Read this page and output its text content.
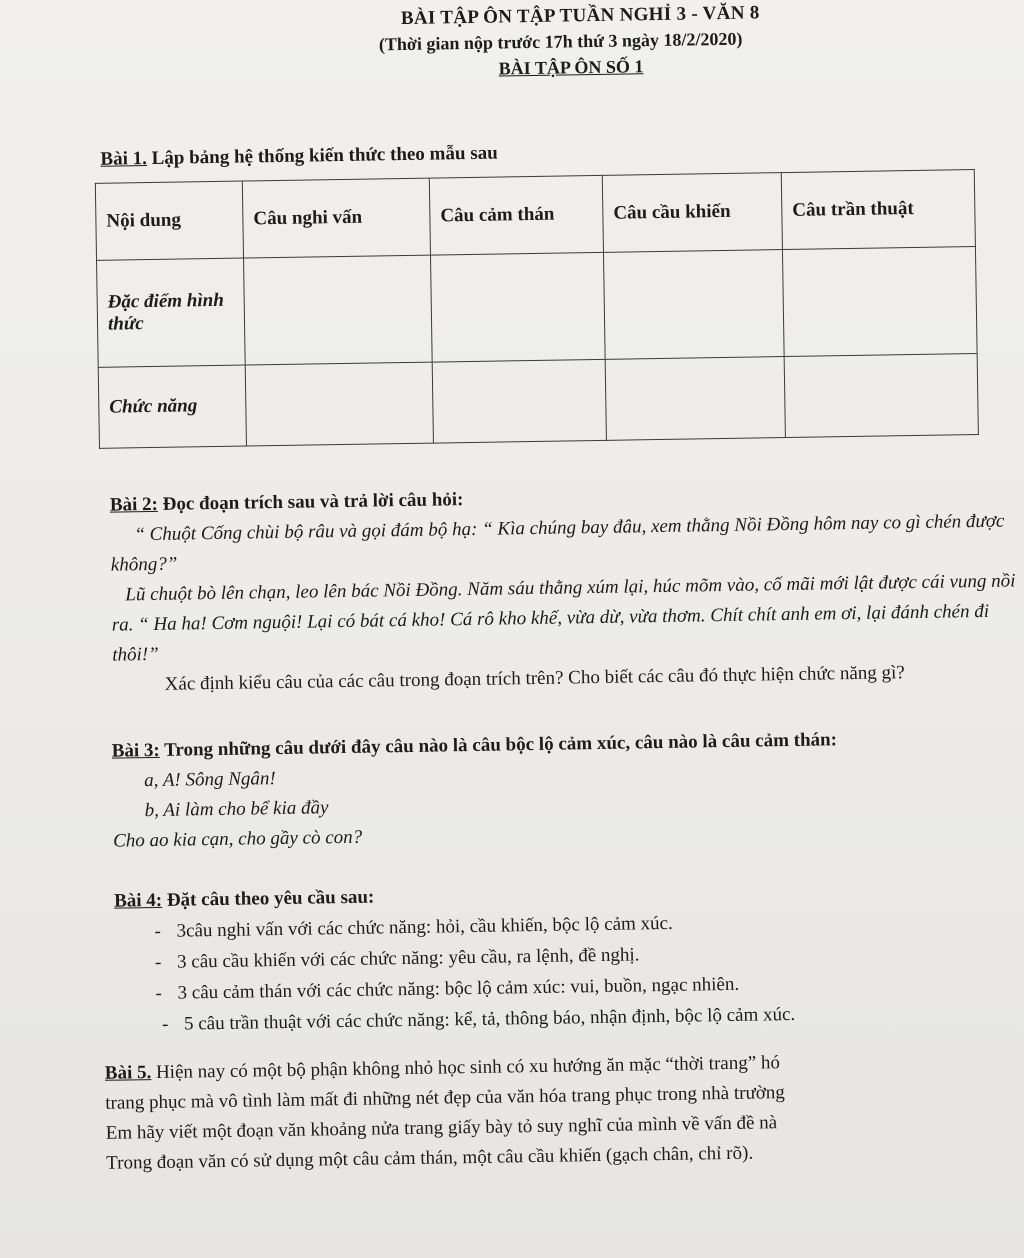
BÀI TẬP ÔN TẬP TUẦN NGHỈ 3 - VĂN 8
(Thời gian nộp trước 17h thứ 3 ngày 18/2/2020)
BÀI TẬP ÔN SỐ 1
Bài 1. Lập bảng hệ thống kiến thức theo mẫu sau
Nội dung	Câu nghi vấn	Câu cảm thán	Câu cầu khiến	Câu trần thuật
Đặc điểm hình thức				
Chức năng				
Bài 2: Đọc đoạn trích sau và trả lời câu hỏi:
“ Chuột Cống chùi bộ râu và gọi đám bộ hạ: “ Kìa chúng bay đâu, xem thằng Nồi Đồng hôm nay co gì chén được không?”
Lũ chuột bò lên chạn, leo lên bác Nồi Đồng. Năm sáu thằng xúm lại, húc mõm vào, cố mãi mới lật được cái vung nồi ra. “ Ha ha! Cơm nguội! Lại có bát cá kho! Cá rô kho khế, vừa dừ, vừa thơm. Chít chít anh em ơi, lại đánh chén đi thôi!”
Xác định kiểu câu của các câu trong đoạn trích trên? Cho biết các câu đó thực hiện chức năng gì?
Bài 3: Trong những câu dưới đây câu nào là câu bộc lộ cảm xúc, câu nào là câu cảm thán:
a, A! Sông Ngân!
b, Ai làm cho bể kia đầy
Cho ao kia cạn, cho gầy cò con?
Bài 4: Đặt câu theo yêu cầu sau:
- 3câu nghi vấn với các chức năng: hỏi, cầu khiến, bộc lộ cảm xúc.
- 3 câu cầu khiến với các chức năng: yêu cầu, ra lệnh, đề nghị.
- 3 câu cảm thán với các chức năng: bộc lộ cảm xúc: vui, buồn, ngạc nhiên.
- 5 câu trần thuật với các chức năng: kể, tả, thông báo, nhận định, bộc lộ cảm xúc.
Bài 5. Hiện nay có một bộ phận không nhỏ học sinh có xu hướng ăn mặc “thời trang” hó
trang phục mà vô tình làm mất đi những nét đẹp của văn hóa trang phục trong nhà trường
Em hãy viết một đoạn văn khoảng nửa trang giấy bày tỏ suy nghĩ của mình về vấn đề nà
Trong đoạn văn có sử dụng một câu cảm thán, một câu cầu khiến (gạch chân, chỉ rõ).
